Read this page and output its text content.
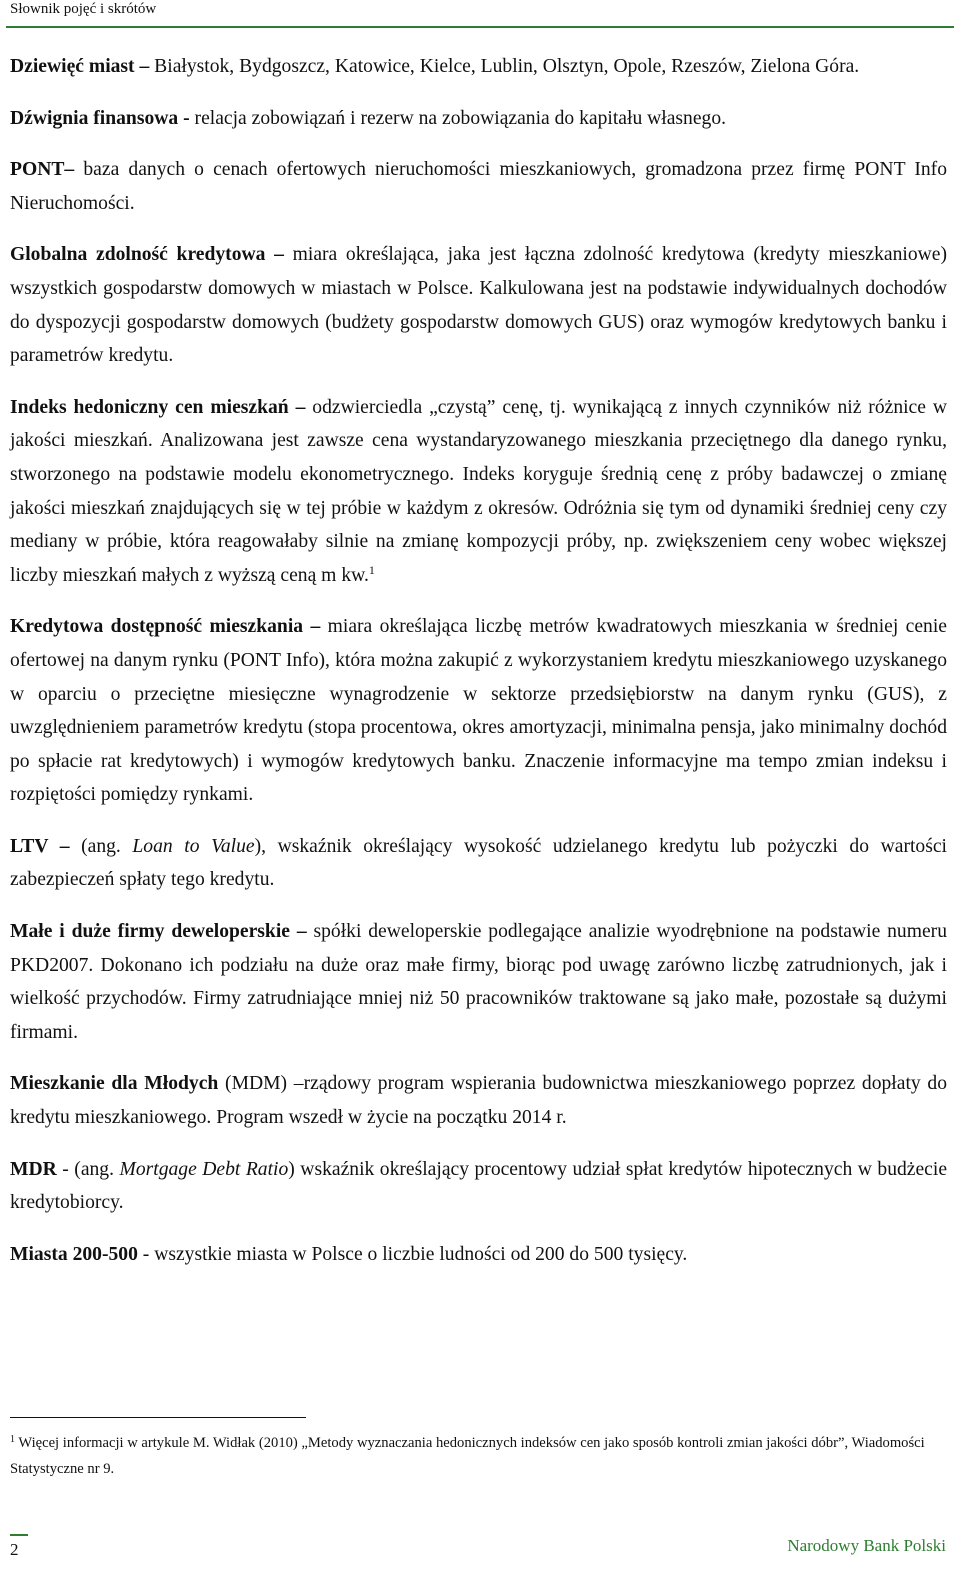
Słownik pojęć i skrótów

Dziewięć miast – Białystok, Bydgoszcz, Katowice, Kielce, Lublin, Olsztyn, Opole, Rzeszów, Zielona Góra.

Dźwignia finansowa - relacja zobowiązań i rezerw na zobowiązania do kapitału własnego.

PONT– baza danych o cenach ofertowych nieruchomości mieszkaniowych, gromadzona przez firmę PONT Info Nieruchomości.

Globalna zdolność kredytowa – miara określająca, jaka jest łączna zdolność kredytowa (kredyty mieszkaniowe) wszystkich gospodarstw domowych w miastach w Polsce. Kalkulowana jest na podstawie indywidualnych dochodów do dyspozycji gospodarstw domowych (budżety gospodarstw domowych GUS) oraz wymogów kredytowych banku i parametrów kredytu.

Indeks hedoniczny cen mieszkań – odzwierciedla „czystą” cenę, tj. wynikającą z innych czynników niż różnice w jakości mieszkań. Analizowana jest zawsze cena wystandaryzowanego mieszkania przeciętnego dla danego rynku, stworzonego na podstawie modelu ekonometrycznego. Indeks koryguje średnią cenę z próby badawczej o zmianę jakości mieszkań znajdujących się w tej próbie w każdym z okresów. Odróżnia się tym od dynamiki średniej ceny czy mediany w próbie, która reagowałaby silnie na zmianę kompozycji próby, np. zwiększeniem ceny wobec większej liczby mieszkań małych z wyższą ceną m kw.$^1$

Kredytowa dostępność mieszkania – miara określająca liczbę metrów kwadratowych mieszkania w średniej cenie ofertowej na danym rynku (PONT Info), która można zakupić z wykorzystaniem kredytu mieszkaniowego uzyskanego w oparciu o przeciętne miesięczne wynagrodzenie w sektorze przedsiębiorstw na danym rynku (GUS), z uwzględnieniem parametrów kredytu (stopa procentowa, okres amortyzacji, minimalna pensja, jako minimalny dochód po spłacie rat kredytowych) i wymogów kredytowych banku. Znaczenie informacyjne ma tempo zmian indeksu i rozpiętości pomiędzy rynkami.

LTV – (ang. Loan to Value), wskaźnik określający wysokość udzielanego kredytu lub pożyczki do wartości zabezpieczeń spłaty tego kredytu.

Małe i duże firmy deweloperskie – spółki deweloperskie podlegające analizie wyodrębnione na podstawie numeru PKD2007. Dokonano ich podziału na duże oraz małe firmy, biorąc pod uwagę zarówno liczbę zatrudnionych, jak i wielkość przychodów. Firmy zatrudniające mniej niż 50 pracowników traktowane są jako małe, pozostałe są dużymi firmami.

Mieszkanie dla Młodych (MDM) –rządowy program wspierania budownictwa mieszkaniowego poprzez dopłaty do kredytu mieszkaniowego. Program wszedł w życie na początku 2014 r.

MDR - (ang. Mortgage Debt Ratio) wskaźnik określający procentowy udział spłat kredytów hipotecznych w budżecie kredytobiorcy.

Miasta 200-500 - wszystkie miasta w Polsce o liczbie ludności od 200 do 500 tysięcy.

$^1$ Więcej informacji w artykule M. Widłak (2010) „Metody wyznaczania hedonicznych indeksów cen jako sposób kontroli zmian jakości dóbr”, Wiadomości Statystyczne nr 9.
2	Narodowy Bank Polski
